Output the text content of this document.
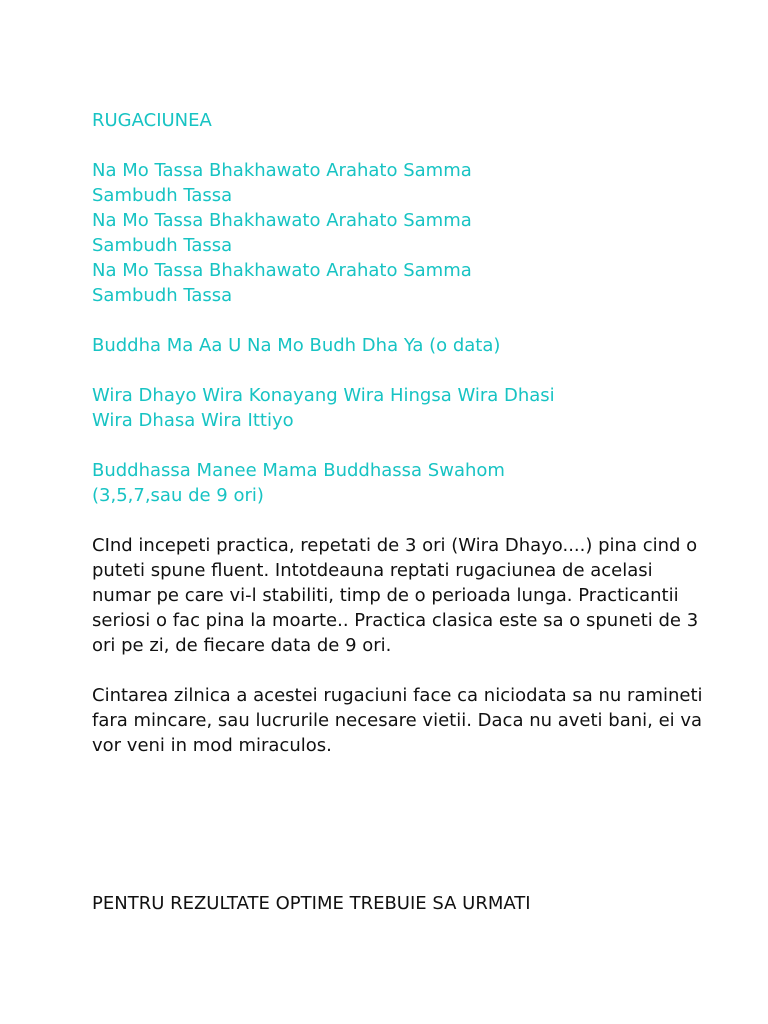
RUGACIUNEA

Na Mo Tassa Bhakhawato Arahato Samma
Sambudh Tassa

Na Mo Tassa Bhakhawato Arahato Samma
Sambudh Tassa

Na Mo Tassa Bhakhawato Arahato Samma
Sambudh Tassa

Buddha Ma Aa U Na Mo Budh Dha Ya (o data)

Wira Dhayo Wira Konayang Wira Hingsa Wira Dhasi
Wira Dhasa Wira Ittiyo

Buddhassa Manee Mama Buddhassa Swahom
(3,5,7,sau de 9 ori)

CInd incepeti practica, repetati de 3 ori (Wira Dhayo....) pina cind o puteti spune fluent. Intotdeauna reptati rugaciunea de acelasi numar pe care vi-l stabiliti, timp de o perioada lunga. Practicantii seriosi o fac pina la moarte.. Practica clasica este sa o spuneti de 3 ori pe zi, de fiecare data de 9 ori.

Cintarea zilnica a acestei rugaciuni face ca niciodata sa nu ramineti fara mincare, sau lucrurile necesare vietii. Daca nu aveti bani, ei va vor veni in mod miraculos.

PENTRU REZULTATE OPTIME TREBUIE SA URMATI
